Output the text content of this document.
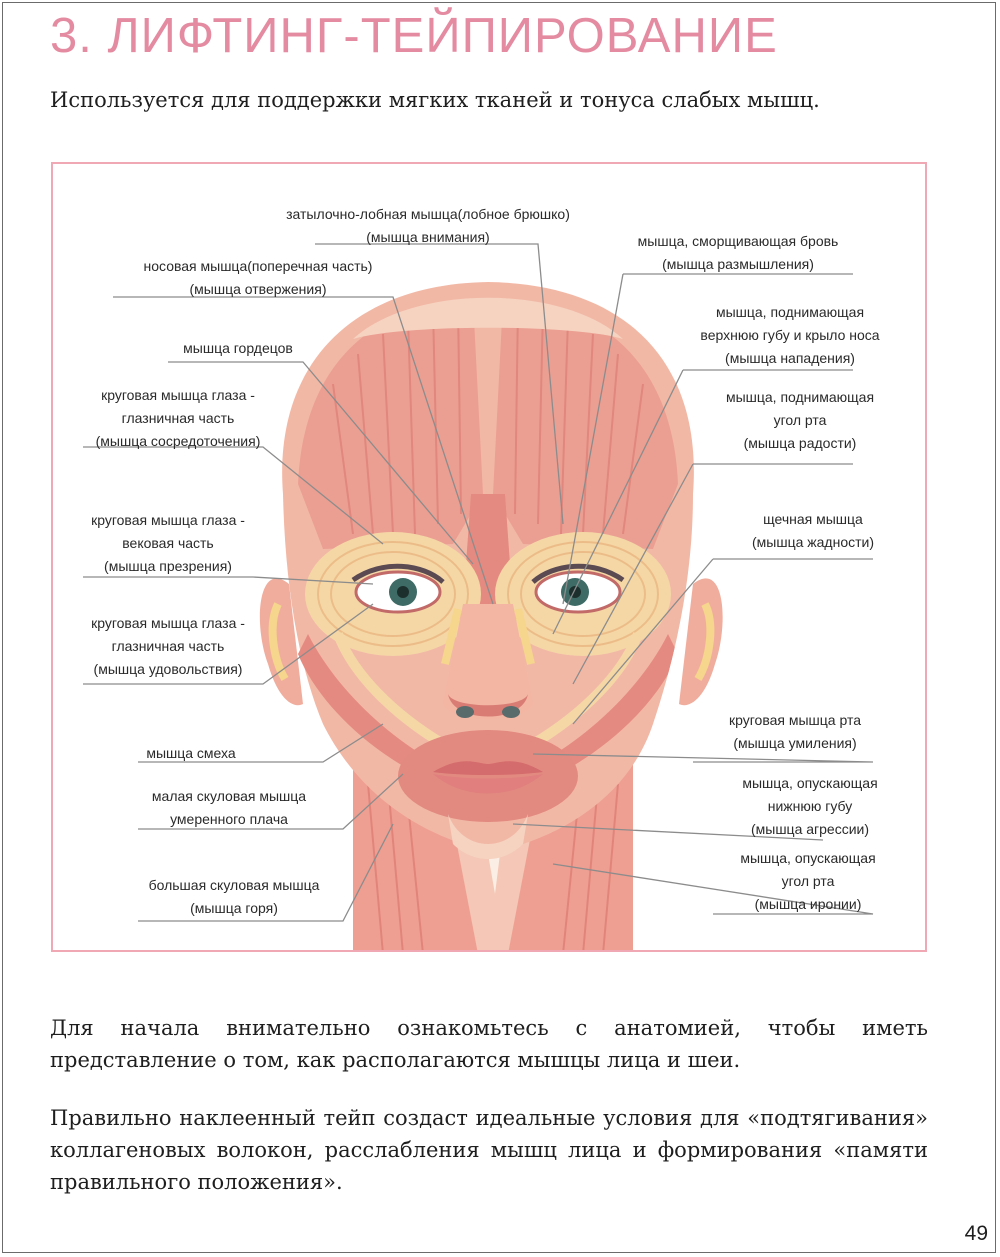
3. ЛИФТИНГ-ТЕЙПИРОВАНИЕ
Используется для поддержки мягких тканей и тонуса слабых мышц.
затылочно-лобная мышца(лобное брюшко)
(мышца внимания)
носовая мышца(поперечная часть)
(мышца отвержения)
мышца гордецов
круговая мышца глаза -
глазничная часть
(мышца сосредоточения)
круговая мышца глаза -
вековая часть
(мышца презрения)
круговая мышца глаза -
глазничная часть
(мышца удовольствия)
мышца смеха
малая скуловая мышца
умеренного плача
большая скуловая мышца
(мышца горя)
мышца, сморщивающая бровь
(мышца размышления)
мышца, поднимающая
верхнюю губу и крыло носа
(мышца нападения)
мышца, поднимающая
угол рта
(мышца радости)
щечная мышца
(мышца жадности)
круговая мышца рта
(мышца умиления)
мышца, опускающая
нижнюю губу
(мышца агрессии)
мышца, опускающая
угол рта
(мышца иронии)

Для начала внимательно ознакомьтесь с анатомией, чтобы иметь представление о том, как располагаются мышцы лица и шеи.

Правильно наклеенный тейп создаст идеальные условия для «подтягивания» коллагеновых волокон, расслабления мышц лица и формирования «памяти правильного положения».

49
